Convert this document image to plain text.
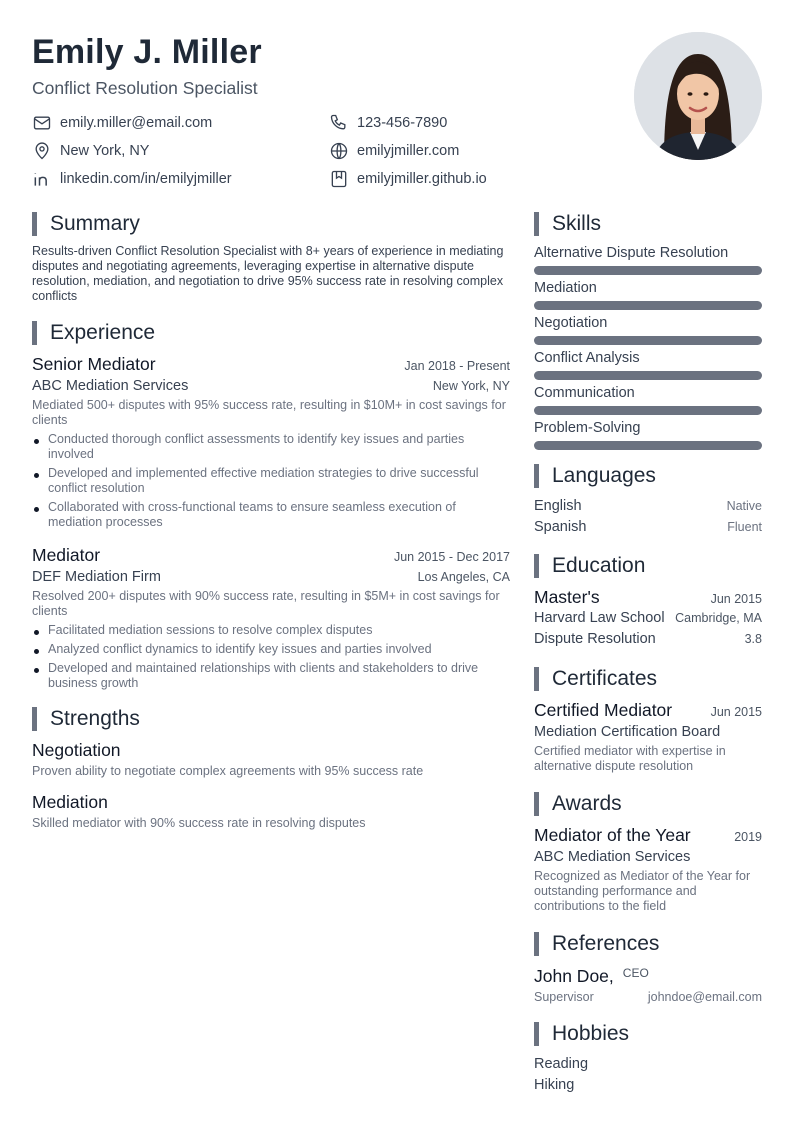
Emily J. Miller
Conflict Resolution Specialist
emily.miller@email.com	123-456-7890
New York, NY	emilyjmiller.com
linkedin.com/in/emilyjmiller	emilyjmiller.github.io
Summary
Results-driven Conflict Resolution Specialist with 8+ years of experience in mediating disputes and negotiating agreements, leveraging expertise in alternative dispute resolution, mediation, and negotiation to drive 95% success rate in resolving complex conflicts
Experience
Senior Mediator	Jan 2018 - Present
ABC Mediation Services	New York, NY
Mediated 500+ disputes with 95% success rate, resulting in $10M+ in cost savings for clients
Conducted thorough conflict assessments to identify key issues and parties involved
Developed and implemented effective mediation strategies to drive successful conflict resolution
Collaborated with cross-functional teams to ensure seamless execution of mediation processes
Mediator	Jun 2015 - Dec 2017
DEF Mediation Firm	Los Angeles, CA
Resolved 200+ disputes with 90% success rate, resulting in $5M+ in cost savings for clients
Facilitated mediation sessions to resolve complex disputes
Analyzed conflict dynamics to identify key issues and parties involved
Developed and maintained relationships with clients and stakeholders to drive business growth
Strengths
Negotiation
Proven ability to negotiate complex agreements with 95% success rate
Mediation
Skilled mediator with 90% success rate in resolving disputes
Skills
Alternative Dispute Resolution
Mediation
Negotiation
Conflict Analysis
Communication
Problem-Solving
Languages
English	Native
Spanish	Fluent
Education
Master's	Jun 2015
Harvard Law School Cambridge, MA
Dispute Resolution	3.8
Certificates
Certified Mediator	Jun 2015
Mediation Certification Board
Certified mediator with expertise in alternative dispute resolution
Awards
Mediator of the Year	2019
ABC Mediation Services
Recognized as Mediator of the Year for outstanding performance and contributions to the field
References
John Doe, CEO
Supervisor	johndoe@email.com
Hobbies
Reading
Hiking
